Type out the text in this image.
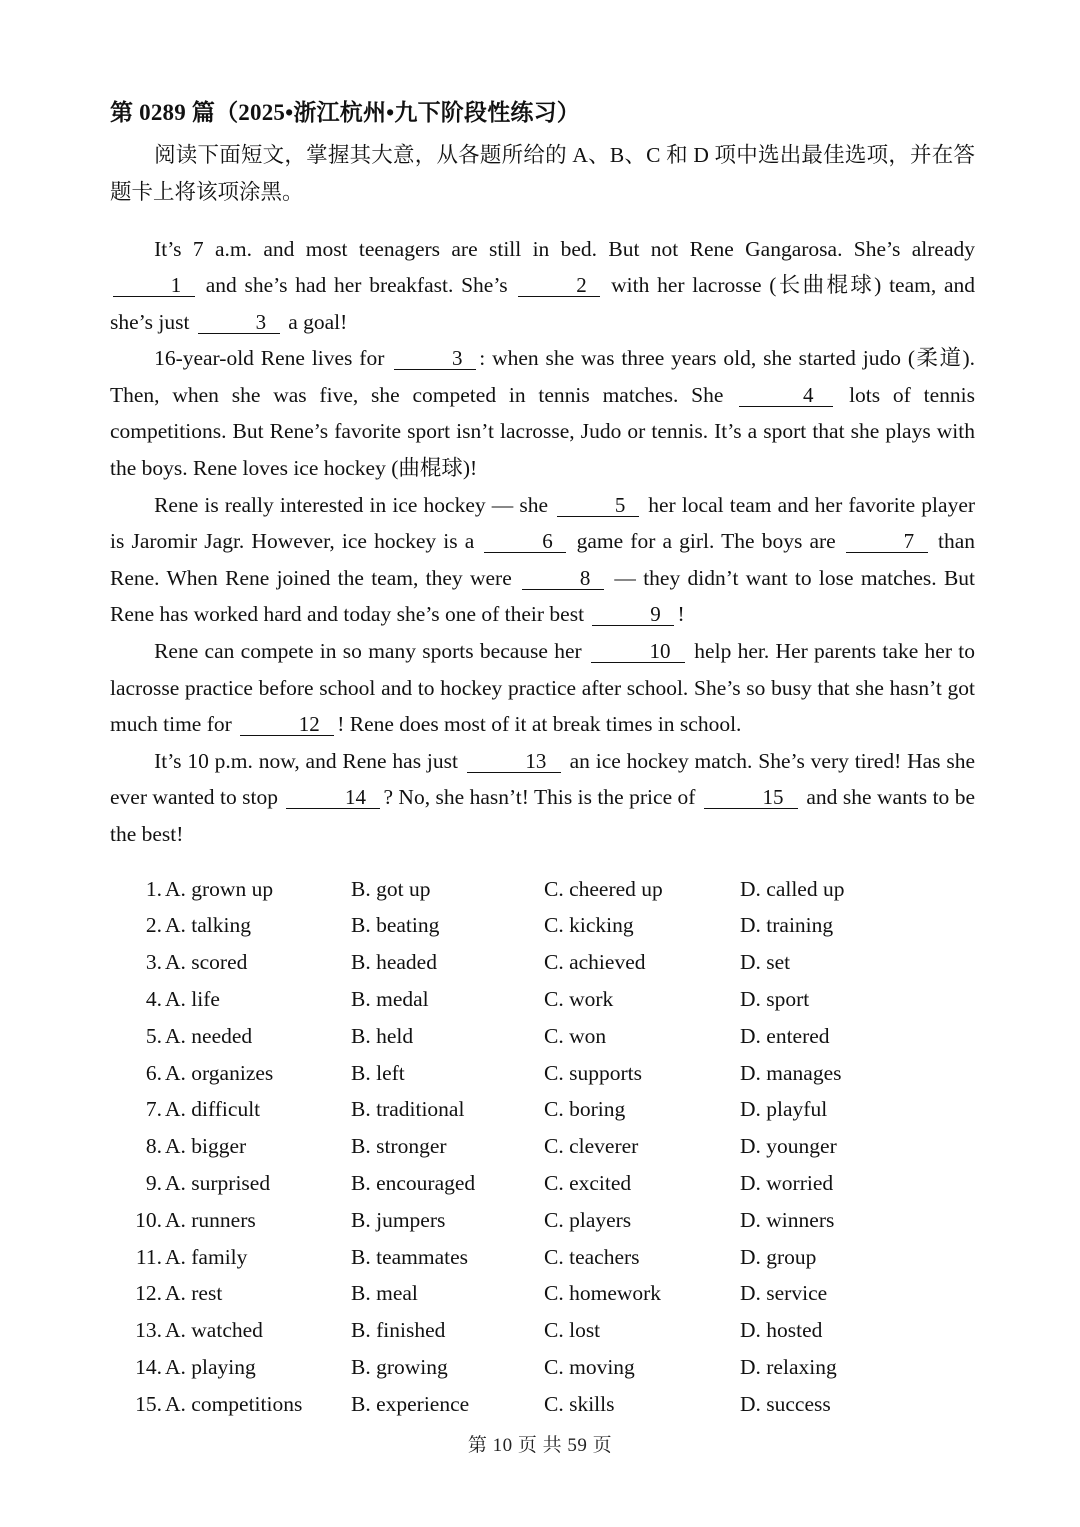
第 0289 篇（2025•浙江杭州•九下阶段性练习）

阅读下面短文，掌握其大意，从各题所给的 A、B、C 和 D 项中选出最佳选项，并在答题卡上将该项涂黑。

It’s 7 a.m. and most teenagers are still in bed. But not Rene Gangarosa. She’s already 1 and she’s had her breakfast. She’s	2 with her lacrosse (长曲棍球) team, and she’s just	3 a goal!

16-year-old Rene lives for	3 : when she was three years old, she started judo (柔道). Then, when she was five, she competed in tennis matches. She	4 lots of tennis competitions. But Rene’s favorite sport isn’t lacrosse, Judo or tennis. It’s a sport that she plays with the boys. Rene loves ice hockey (曲棍球)!

Rene is really interested in ice hockey — she	5 her local team and her favorite player is Jaromir Jagr. However, ice hockey is a	6 game for a girl. The boys are	7 than Rene. When Rene joined the team, they were	8 — they didn’t want to lose matches. But Rene has worked hard and today she’s one of their best	9 !

Rene can compete in so many sports because her	10 help her. Her parents take her to lacrosse practice before school and to hockey practice after school. She’s so busy that she hasn’t got much time for	12 ! Rene does most of it at break times in school.

It’s 10 p.m. now, and Rene has just	13 an ice hockey match. She’s very tired! Has she ever wanted to stop	14 ? No, she hasn’t! This is the price of	15 and she wants to be the best!

1. A. grown up	B. got up	C. cheered up	D. called up
2. A. talking	B. beating	C. kicking	D. training
3. A. scored	B. headed	C. achieved	D. set
4. A. life	B. medal	C. work	D. sport
5. A. needed	B. held	C. won	D. entered
6. A. organizes	B. left	C. supports	D. manages
7. A. difficult	B. traditional	C. boring	D. playful
8. A. bigger	B. stronger	C. cleverer	D. younger
9. A. surprised	B. encouraged	C. excited	D. worried
10. A. runners	B. jumpers	C. players	D. winners
11. A. family	B. teammates	C. teachers	D. group
12. A. rest	B. meal	C. homework	D. service
13. A. watched	B. finished	C. lost	D. hosted
14. A. playing	B. growing	C. moving	D. relaxing
15. A. competitions	B. experience	C. skills	D. success
第 10 页 共 59 页
